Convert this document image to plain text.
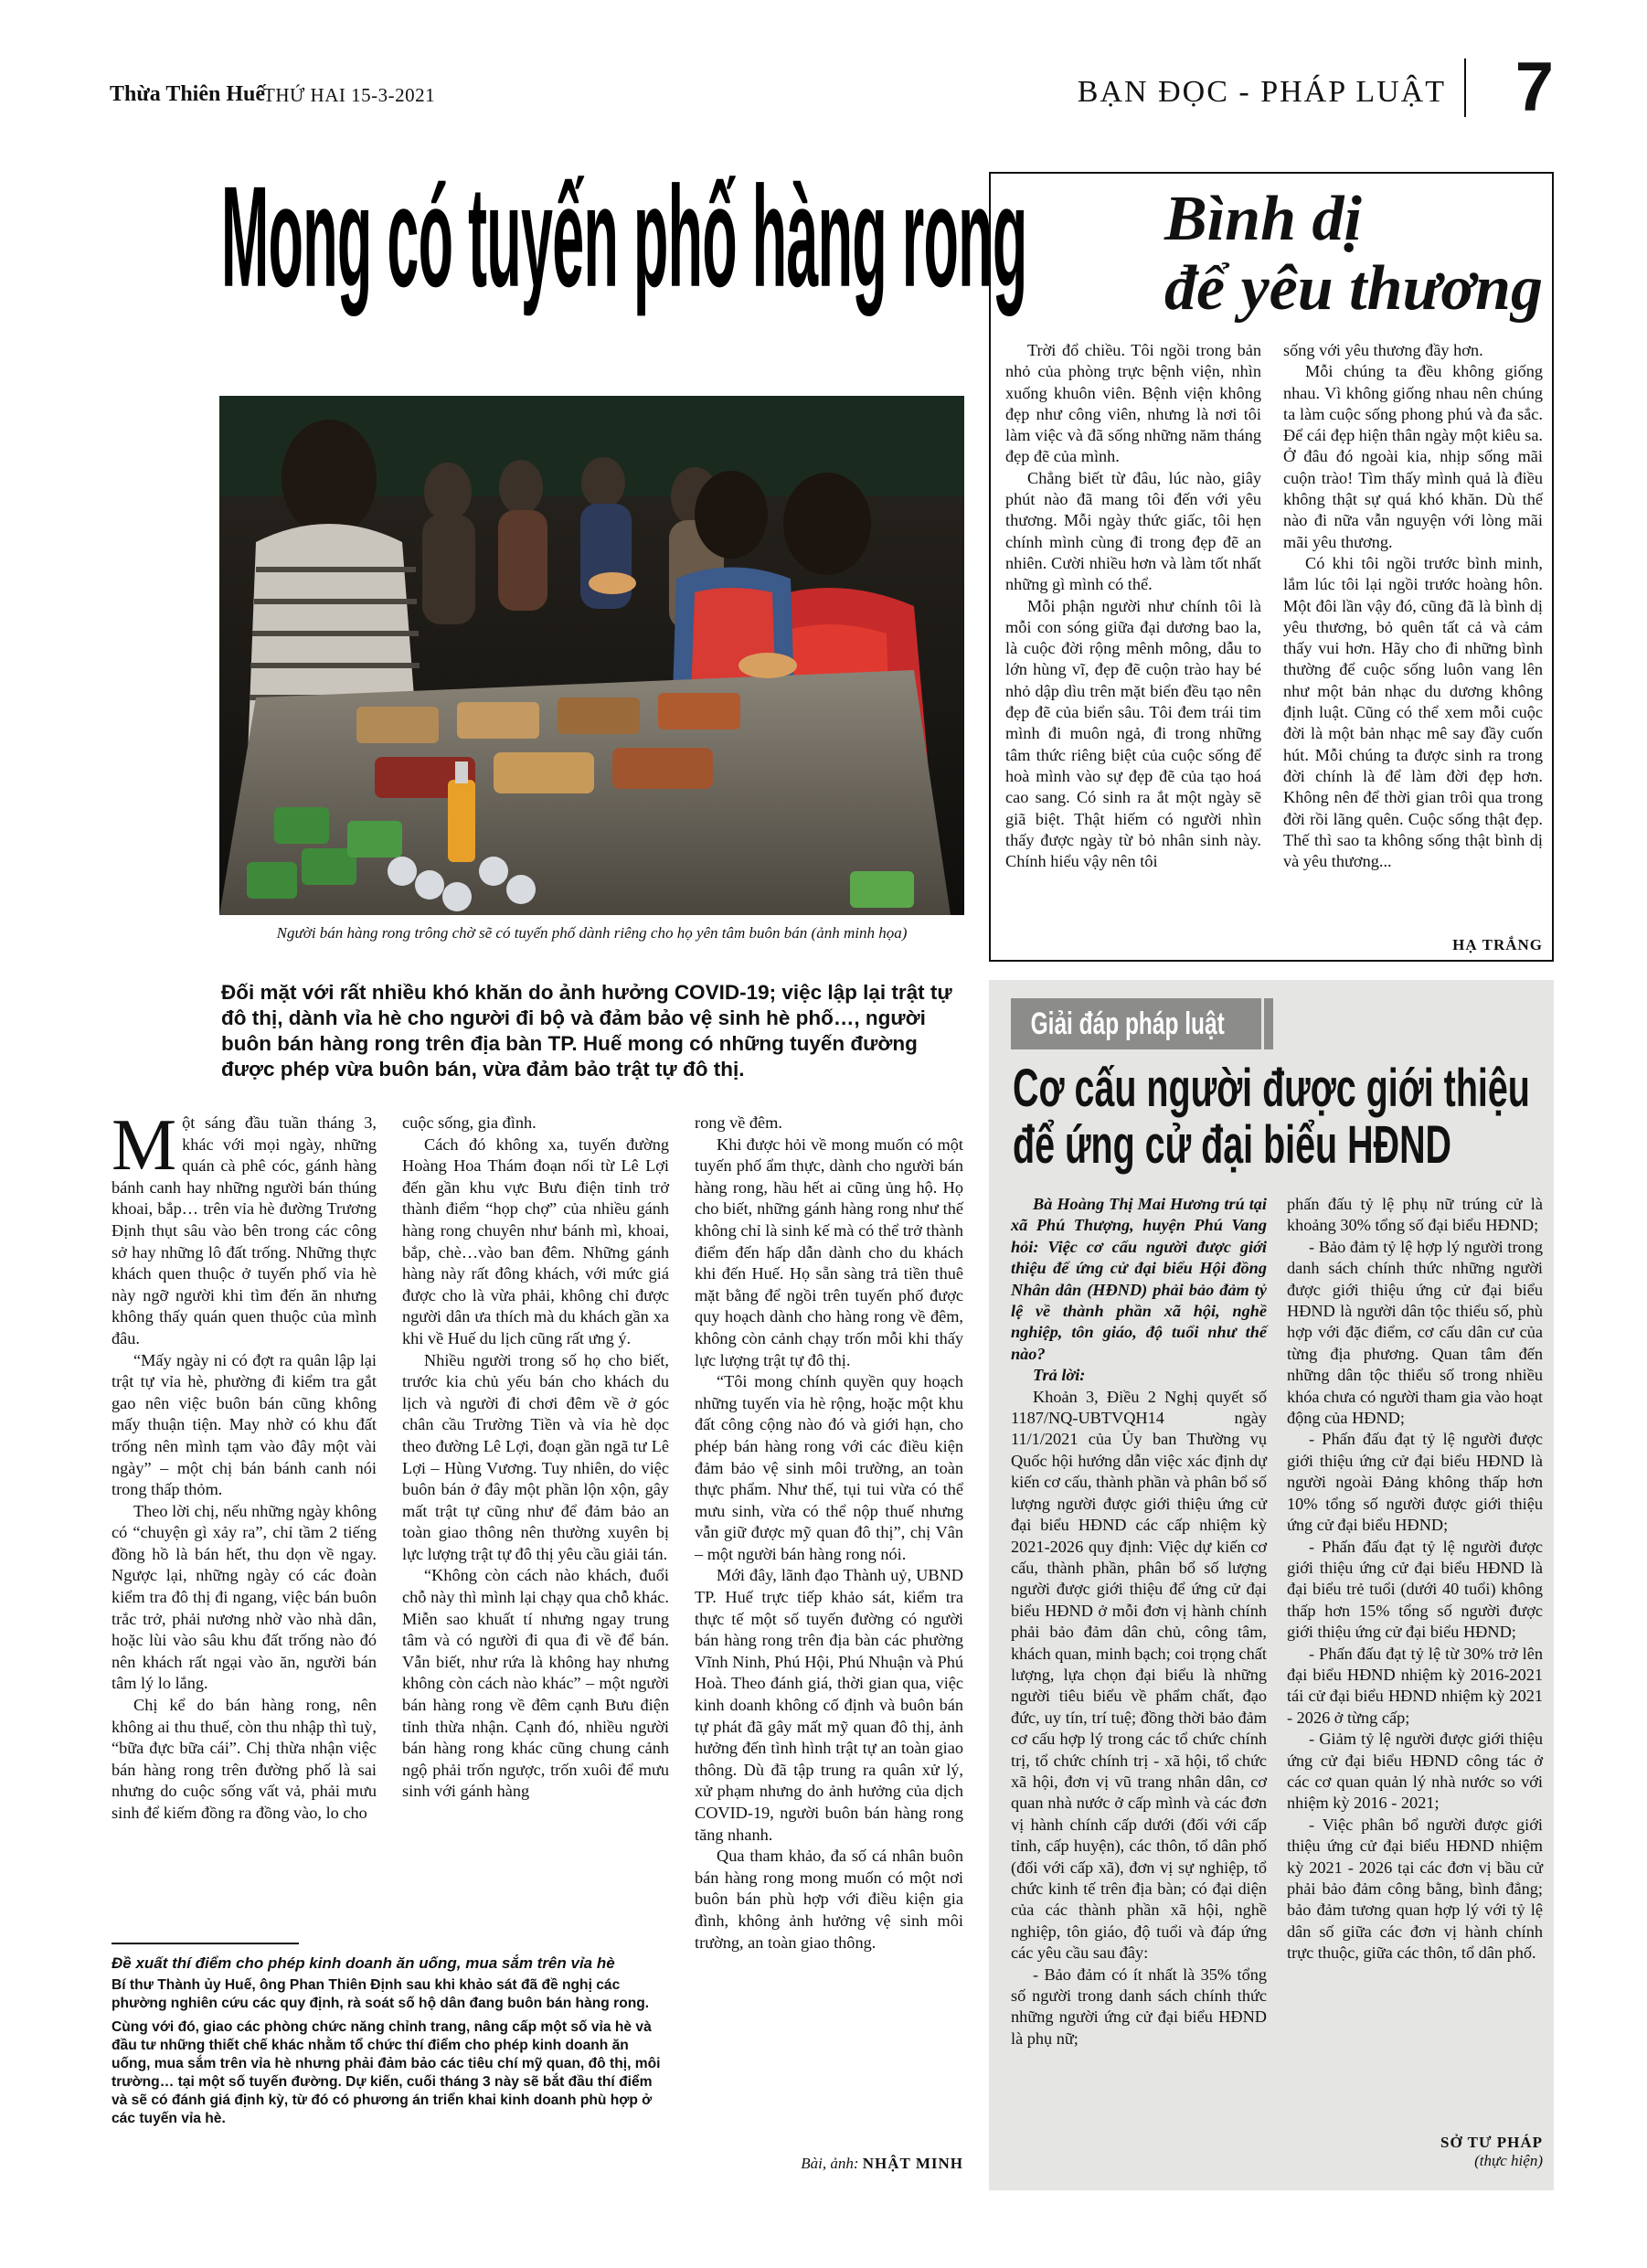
Thừa Thiên Huế
THỨ HAI 15-3-2021	BẠN ĐỌC - PHÁP LUẬT 7
Mong có tuyến phố hàng rong
Người bán hàng rong trông chờ sẽ có tuyến phố dành riêng cho họ yên tâm buôn bán (ảnh minh họa)
Đối mặt với rất nhiều khó khăn do ảnh hưởng COVID-19; việc lập lại trật tự đô thị, dành vỉa hè cho người đi bộ và đảm bảo vệ sinh hè phố…, người buôn bán hàng rong trên địa bàn TP. Huế mong có những tuyến đường được phép vừa buôn bán, vừa đảm bảo trật tự đô thị.

Một sáng đầu tuần tháng 3, khác với mọi ngày, những quán cà phê cóc, gánh hàng bánh canh hay những người bán thúng khoai, bắp… trên vỉa hè đường Trương Định thụt sâu vào bên trong các công sở hay những lô đất trống. Những thực khách quen thuộc ở tuyến phố vỉa hè này ngỡ người khi tìm đến ăn nhưng không thấy quán quen thuộc của mình đâu.

“Mấy ngày ni có đợt ra quân lập lại trật tự vỉa hè, phường đi kiểm tra gắt gao nên việc buôn bán cũng không mấy thuận tiện. May nhờ có khu đất trống nên mình tạm vào đây một vài ngày” – một chị bán bánh canh nói trong thấp thỏm.

Theo lời chị, nếu những ngày không có “chuyện gì xảy ra”, chỉ tầm 2 tiếng đồng hồ là bán hết, thu dọn về ngay. Ngược lại, những ngày có các đoàn kiểm tra đô thị đi ngang, việc bán buôn trắc trở, phải nương nhờ vào nhà dân, hoặc lùi vào sâu khu đất trống nào đó nên khách rất ngại vào ăn, người bán tâm lý lo lắng.

Chị kể do bán hàng rong, nên không ai thu thuế, còn thu nhập thì tuỳ, “bữa đực bữa cái”. Chị thừa nhận việc bán hàng rong trên đường phố là sai nhưng do cuộc sống vất vả, phải mưu sinh để kiếm đồng ra đồng vào, lo cho

cuộc sống, gia đình.

Cách đó không xa, tuyến đường Hoàng Hoa Thám đoạn nối từ Lê Lợi đến gần khu vực Bưu điện tỉnh trở thành điểm “họp chợ” của nhiều gánh hàng rong chuyên như bánh mì, khoai, bắp, chè…vào ban đêm. Những gánh hàng này rất đông khách, với mức giá được cho là vừa phải, không chỉ được người dân ưa thích mà du khách gần xa khi về Huế du lịch cũng rất ưng ý.

Nhiều người trong số họ cho biết, trước kia chủ yếu bán cho khách du lịch và người đi chơi đêm về ở góc chân cầu Trường Tiền và vỉa hè dọc theo đường Lê Lợi, đoạn gần ngã tư Lê Lợi – Hùng Vương. Tuy nhiên, do việc buôn bán ở đây một phần lộn xộn, gây mất trật tự cũng như để đảm bảo an toàn giao thông nên thường xuyên bị lực lượng trật tự đô thị yêu cầu giải tán.

“Không còn cách nào khách, đuổi chỗ này thì mình lại chạy qua chỗ khác. Miễn sao khuất tí nhưng ngay trung tâm và có người đi qua đi về để bán. Vẫn biết, như rứa là không hay nhưng không còn cách nào khác” – một người bán hàng rong về đêm cạnh Bưu điện tỉnh thừa nhận. Cạnh đó, nhiều người bán hàng rong khác cũng chung cảnh ngộ phải trốn ngược, trốn xuôi để mưu sinh với gánh hàng

rong về đêm.

Khi được hỏi về mong muốn có một tuyến phố ẩm thực, dành cho người bán hàng rong, hầu hết ai cũng ủng hộ. Họ cho biết, những gánh hàng rong như thế không chỉ là sinh kế mà có thể trở thành điểm đến hấp dẫn dành cho du khách khi đến Huế. Họ sẵn sàng trả tiền thuê mặt bằng để ngồi trên tuyến phố được quy hoạch dành cho hàng rong về đêm, không còn cảnh chạy trốn mỗi khi thấy lực lượng trật tự đô thị.

“Tôi mong chính quyền quy hoạch những tuyến vỉa hè rộng, hoặc một khu đất công cộng nào đó và giới hạn, cho phép bán hàng rong với các điều kiện đảm bảo vệ sinh môi trường, an toàn thực phẩm. Như thế, tụi tui vừa có thể mưu sinh, vừa có thể nộp thuế nhưng vẫn giữ được mỹ quan đô thị”, chị Vân – một người bán hàng rong nói.

Mới đây, lãnh đạo Thành uỷ, UBND TP. Huế trực tiếp khảo sát, kiểm tra thực tế một số tuyến đường có người bán hàng rong trên địa bàn các phường Vĩnh Ninh, Phú Hội, Phú Nhuận và Phú Hoà. Theo đánh giá, thời gian qua, việc kinh doanh không cố định và buôn bán tự phát đã gây mất mỹ quan đô thị, ảnh hưởng đến tình hình trật tự an toàn giao thông. Dù đã tập trung ra quân xử lý, xử phạm nhưng do ảnh hưởng của dịch COVID-19, người buôn bán hàng rong tăng nhanh.

Qua tham khảo, đa số cá nhân buôn bán hàng rong mong muốn có một nơi buôn bán phù hợp với điều kiện gia đình, không ảnh hưởng vệ sinh môi trường, an toàn giao thông.

Đề xuất thí điểm cho phép kinh doanh ăn uống, mua sắm trên vỉa hè

Bí thư Thành ủy Huế, ông Phan Thiên Định sau khi khảo sát đã đề nghị các phường nghiên cứu các quy định, rà soát số hộ dân đang buôn bán hàng rong.

Cùng với đó, giao các phòng chức năng chỉnh trang, nâng cấp một số vỉa hè và đầu tư những thiết chế khác nhằm tổ chức thí điểm cho phép kinh doanh ăn uống, mua sắm trên vỉa hè nhưng phải đảm bảo các tiêu chí mỹ quan, đô thị, môi trường… tại một số tuyến đường. Dự kiến, cuối tháng 3 này sẽ bắt đầu thí điểm và sẽ có đánh giá định kỳ, từ đó có phương án triển khai kinh doanh phù hợp ở các tuyến vỉa hè.

Bài, ảnh: NHẬT MINH
Bình dị
để yêu thương

Trời đổ chiều. Tôi ngồi trong bản nhỏ của phòng trực bệnh viện, nhìn xuống khuôn viên. Bệnh viện không đẹp như công viên, nhưng là nơi tôi làm việc và đã sống những năm tháng đẹp đẽ của mình.

Chẳng biết từ đâu, lúc nào, giây phút nào đã mang tôi đến với yêu thương. Mỗi ngày thức giấc, tôi hẹn chính mình cùng đi trong đẹp đẽ an nhiên. Cười nhiều hơn và làm tốt nhất những gì mình có thể.

Mỗi phận người như chính tôi là mỗi con sóng giữa đại dương bao la, là cuộc đời rộng mênh mông, dẫu to lớn hùng vĩ, đẹp đẽ cuộn trào hay bé nhỏ dập dìu trên mặt biển đều tạo nên đẹp đẽ của biển sâu. Tôi đem trái tim mình đi muôn ngả, đi trong những tâm thức riêng biệt của cuộc sống để hoà mình vào sự đẹp đẽ của tạo hoá cao sang. Có sinh ra ắt một ngày sẽ giã biệt. Thật hiếm có người nhìn thấy được ngày từ bỏ nhân sinh này. Chính hiểu vậy nên tôi

sống với yêu thương đầy hơn.

Mỗi chúng ta đều không giống nhau. Vì không giống nhau nên chúng ta làm cuộc sống phong phú và đa sắc. Để cái đẹp hiện thân ngày một kiêu sa. Ở đâu đó ngoài kia, nhịp sống mãi cuộn trào! Tìm thấy mình quả là điều không thật sự quá khó khăn. Dù thế nào đi nữa vẫn nguyện với lòng mãi mãi yêu thương.

Có khi tôi ngồi trước bình minh, lắm lúc tôi lại ngồi trước hoàng hôn. Một đôi lần vậy đó, cũng đã là bình dị yêu thương, bỏ quên tất cả và cảm thấy vui hơn. Hãy cho đi những bình thường để cuộc sống luôn vang lên như một bản nhạc du dương không định luật. Cũng có thể xem mỗi cuộc đời là một bản nhạc mê say đầy cuốn hút. Mỗi chúng ta được sinh ra trong đời chính là để làm đời đẹp hơn. Không nên để thời gian trôi qua trong đời rồi lãng quên. Cuộc sống thật đẹp. Thế thì sao ta không sống thật bình dị và yêu thương...

HẠ TRẮNG
Giải đáp pháp luật
Cơ cấu người được giới thiệu
để ứng cử đại biểu HĐND

Bà Hoàng Thị Mai Hương trú tại xã Phú Thượng, huyện Phú Vang hỏi: Việc cơ cấu người được giới thiệu để ứng cử đại biểu Hội đồng Nhân dân (HĐND) phải bảo đảm tỷ lệ về thành phần xã hội, nghề nghiệp, tôn giáo, độ tuổi như thế nào?

Trả lời:

Khoản 3, Điều 2 Nghị quyết số 1187/NQ-UBTVQH14 ngày 11/1/2021 của Ủy ban Thường vụ Quốc hội hướng dẫn việc xác định dự kiến cơ cấu, thành phần và phân bổ số lượng người được giới thiệu ứng cử đại biểu HĐND các cấp nhiệm kỳ 2021-2026 quy định: Việc dự kiến cơ cấu, thành phần, phân bổ số lượng người được giới thiệu để ứng cử đại biểu HĐND ở mỗi đơn vị hành chính phải bảo đảm dân chủ, công tâm, khách quan, minh bạch; coi trọng chất lượng, lựa chọn đại biểu là những người tiêu biểu về phẩm chất, đạo đức, uy tín, trí tuệ; đồng thời bảo đảm cơ cấu hợp lý trong các tổ chức chính trị, tổ chức chính trị - xã hội, tổ chức xã hội, đơn vị vũ trang nhân dân, cơ quan nhà nước ở cấp mình và các đơn vị hành chính cấp dưới (đối với cấp tỉnh, cấp huyện), các thôn, tổ dân phố (đối với cấp xã), đơn vị sự nghiệp, tổ chức kinh tế trên địa bàn; có đại diện của các thành phần xã hội, nghề nghiệp, tôn giáo, độ tuổi và đáp ứng các yêu cầu sau đây:

- Bảo đảm có ít nhất là 35% tổng số người trong danh sách chính thức những người ứng cử đại biểu HĐND là phụ nữ;

phấn đấu tỷ lệ phụ nữ trúng cử là khoảng 30% tổng số đại biểu HĐND;

- Bảo đảm tỷ lệ hợp lý người trong danh sách chính thức những người được giới thiệu ứng cử đại biểu HĐND là người dân tộc thiểu số, phù hợp với đặc điểm, cơ cấu dân cư của từng địa phương. Quan tâm đến những dân tộc thiểu số trong nhiều khóa chưa có người tham gia vào hoạt động của HĐND;

- Phấn đấu đạt tỷ lệ người được giới thiệu ứng cử đại biểu HĐND là người ngoài Đảng không thấp hơn 10% tổng số người được giới thiệu ứng cử đại biểu HĐND;

- Phấn đấu đạt tỷ lệ người được giới thiệu ứng cử đại biểu HĐND là đại biểu trẻ tuổi (dưới 40 tuổi) không thấp hơn 15% tổng số người được giới thiệu ứng cử đại biểu HĐND;

- Phấn đấu đạt tỷ lệ từ 30% trở lên đại biểu HĐND nhiệm kỳ 2016-2021 tái cử đại biểu HĐND nhiệm kỳ 2021 - 2026 ở từng cấp;

- Giảm tỷ lệ người được giới thiệu ứng cử đại biểu HĐND công tác ở các cơ quan quản lý nhà nước so với nhiệm kỳ 2016 - 2021;

- Việc phân bổ người được giới thiệu ứng cử đại biểu HĐND nhiệm kỳ 2021 - 2026 tại các đơn vị bầu cử phải bảo đảm công bằng, bình đẳng; bảo đảm tương quan hợp lý với tỷ lệ dân số giữa các đơn vị hành chính trực thuộc, giữa các thôn, tổ dân phố.

SỞ TƯ PHÁP
(thực hiện)
